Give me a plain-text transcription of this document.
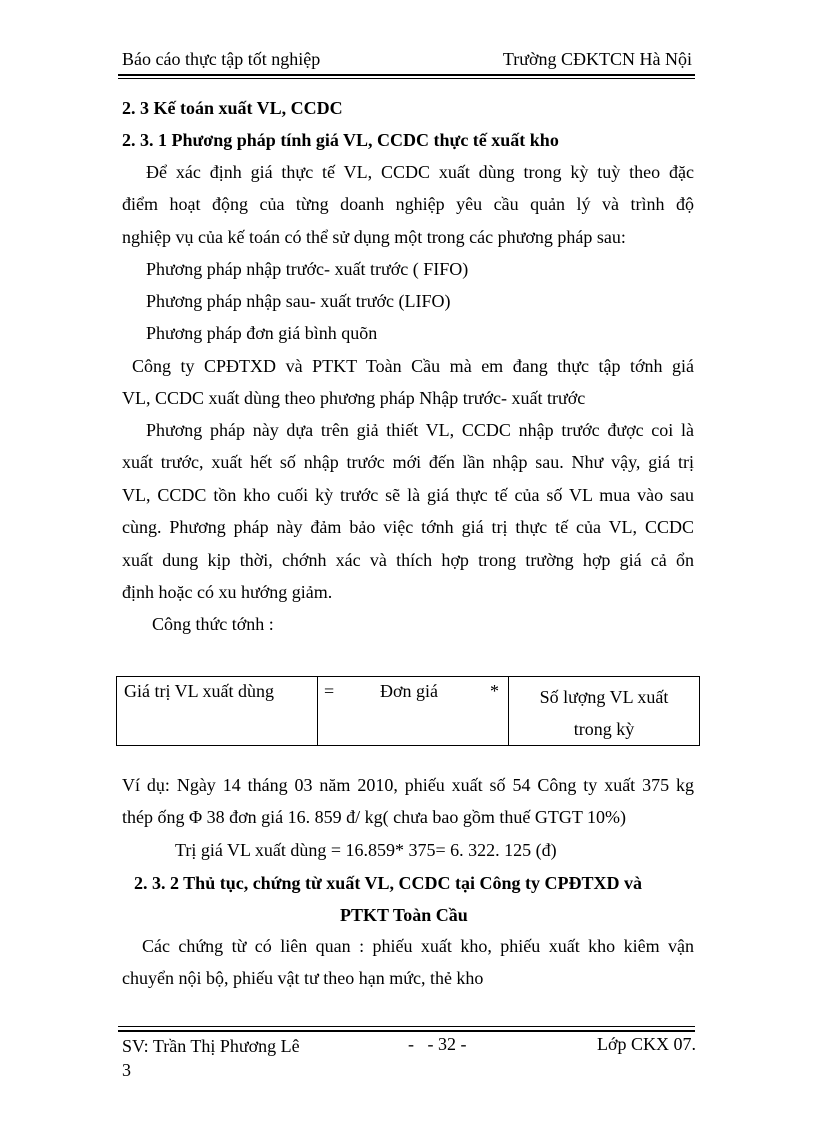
Báo cáo thực tập tốt nghiệp	Trường CĐKTCN Hà Nội
2. 3 Kế toán xuất VL, CCDC
2. 3. 1 Phương pháp tính giá VL, CCDC thực tế xuất kho
Để xác định giá thực tế VL, CCDC xuất dùng trong kỳ tuỳ theo đặc
điểm hoạt động của từng doanh nghiệp yêu cầu quản lý và trình độ
nghiệp vụ của kế toán có thể sử dụng một trong các phương pháp sau:
Phương pháp nhập trước- xuất trước ( FIFO)
Phương pháp nhập sau- xuất trước (LIFO)
Phương pháp đơn giá bình quõn
Công ty CPĐTXD và PTKT Toàn Cầu mà em đang thực tập tớnh giá
VL, CCDC xuất dùng theo phương pháp Nhập trước- xuất trước
Phương pháp này dựa trên giả thiết VL, CCDC nhập trước được coi là
xuất trước, xuất hết số nhập trước mới đến lần nhập sau. Như vậy, giá trị
VL, CCDC tồn kho cuối kỳ trước sẽ là giá thực tế của số VL mua vào sau
cùng. Phương pháp này đảm bảo việc tớnh giá trị thực tế của VL, CCDC
xuất dung kịp thời, chớnh xác và thích hợp trong trường hợp giá cả ổn
định hoặc có xu hướng giảm.
Công thức tớnh :
Giá trị VL xuất dùng	=	Đơn giá	*	Số lượng VL xuất
trong kỳ
Ví dụ: Ngày 14 tháng 03 năm 2010, phiếu xuất số 54 Công ty xuất 375 kg
thép ống Φ 38 đơn giá 16. 859 đ/ kg( chưa bao gồm thuế GTGT 10%)
Trị giá VL xuất dùng = 16.859* 375= 6. 322. 125 (đ)
2. 3. 2 Thủ tục, chứng từ xuất VL, CCDC tại Công ty CPĐTXD và
PTKT Toàn Cầu
Các chứng từ có liên quan : phiếu xuất kho, phiếu xuất kho kiêm vận
chuyển nội bộ, phiếu vật tư theo hạn mức, thẻ kho
SV: Trần Thị Phương Lê
3
-   - 32 -	Lớp CKX 07.
